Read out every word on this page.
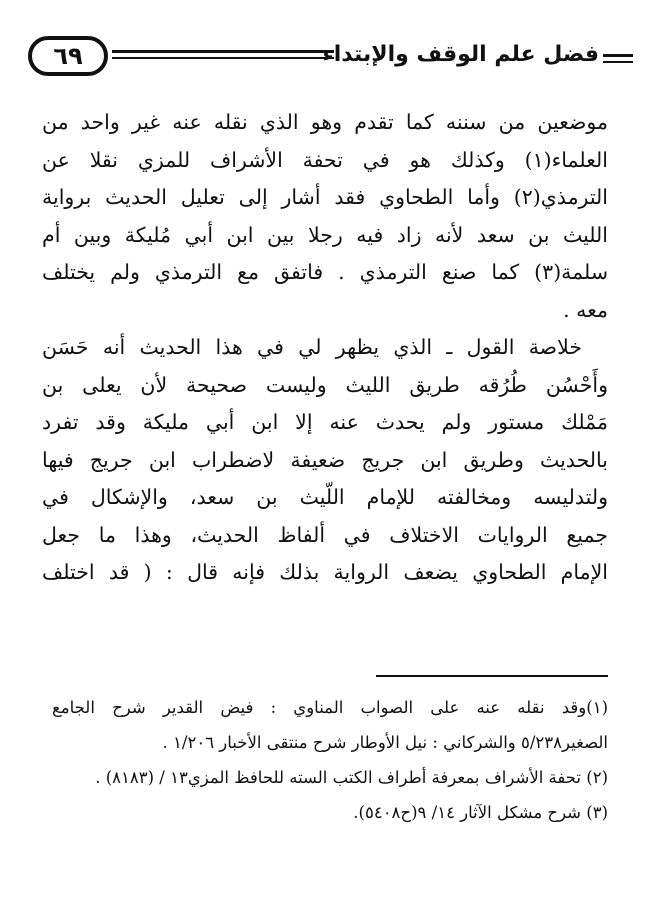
٦٩	فضل علم الوقف والإبتداء
موضعين من سننه كما تقدم وهو الذي نقله عنه غير واحد من
العلماء(١) وكذلك هو في تحفة الأشراف للمزي نقلا عن
الترمذي(٢) وأما الطحاوي فقد أشار إلى تعليل الحديث برواية
الليث بن سعد لأنه زاد فيه رجلا بين ابن أبي مُليكة وبين أم
سلمة(٣) كما صنع الترمذي . فاتفق مع الترمذي ولم يختلف
معه .
خلاصة القول ـ الذي يظهر لي في هذا الحديث أنه حَسَن
وأَحْسُن طُرُقه طريق الليث وليست صحيحة لأن يعلى بن
مَمْلك مستور ولم يحدث عنه إلا ابن أبي مليكة وقد تفرد
بالحديث وطريق ابن جريج ضعيفة لاضطراب ابن جريج فيها
ولتدليسه ومخالفته للإمام اللّيث بن سعد، والإشكال في
جميع الروايات الاختلاف في ألفاظ الحديث، وهذا ما جعل
الإمام الطحاوي يضعف الرواية بذلك فإنه قال : ( قد اختلف
(١)وقد نقله عنه على الصواب المناوي : فيض القدير شرح الجامع
الصغير٥/٢٣٨ والشركاني : نيل الأوطار شرح منتقى الأخبار ١/٢٠٦ .
(٢) تحفة الأشراف بمعرفة أطراف الكتب السته للحافظ المزي١٣ / (٨١٨٣) .
(٣) شرح مشكل الآثار ١٤/ ٩(ح٥٤٠٨).
